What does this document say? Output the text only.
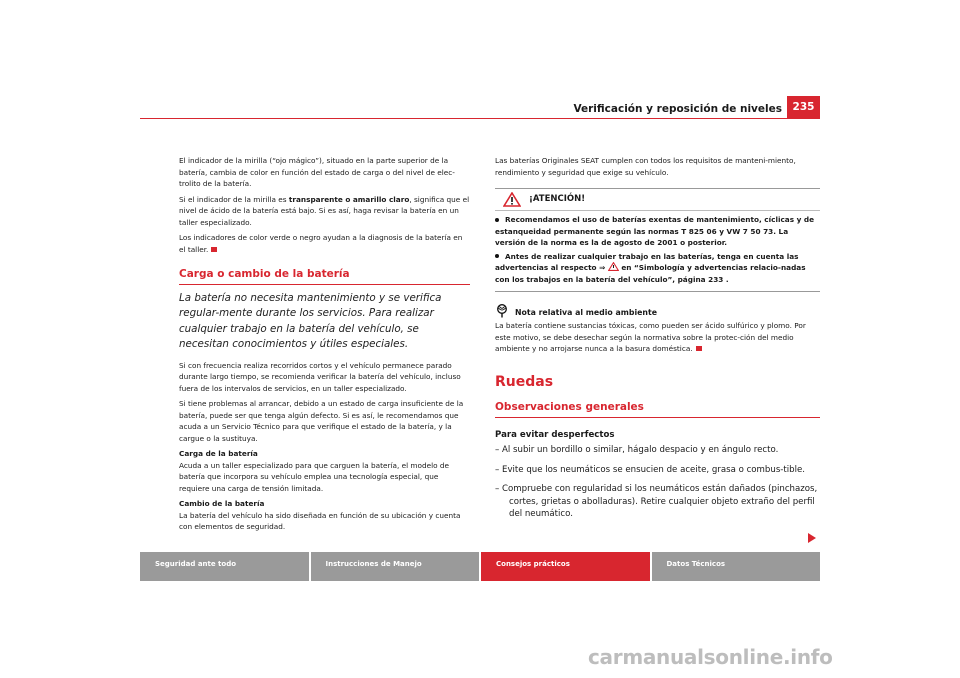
Verificación y reposición de niveles	235

El indicador de la mirilla (“ojo mágico”), situado en la parte superior de la batería, cambia de color en función del estado de carga o del nivel de elec-trolito de la batería.

Si el indicador de la mirilla es transparente o amarillo claro, significa que el nivel de ácido de la batería está bajo. Si es así, haga revisar la batería en un taller especializado.

Los indicadores de color verde o negro ayudan a la diagnosis de la batería en el taller.

Carga o cambio de la batería
La batería no necesita mantenimiento y se verifica regular-mente durante los servicios. Para realizar cualquier trabajo en la batería del vehículo, se necesitan conocimientos y útiles especiales.

Si con frecuencia realiza recorridos cortos y el vehículo permanece parado durante largo tiempo, se recomienda verificar la batería del vehículo, incluso fuera de los intervalos de servicios, en un taller especializado.

Si tiene problemas al arrancar, debido a un estado de carga insuficiente de la batería, puede ser que tenga algún defecto. Si es así, le recomendamos que acuda a un Servicio Técnico para que verifique el estado de la batería, y la cargue o la sustituya.

Carga de la batería

Acuda a un taller especializado para que carguen la batería, el modelo de batería que incorpora su vehículo emplea una tecnología especial, que requiere una carga de tensión limitada.

Cambio de la batería

La batería del vehículo ha sido diseñada en función de su ubicación y cuenta con elementos de seguridad.

Las baterías Originales SEAT cumplen con todos los requisitos de manteni-miento, rendimiento y seguridad que exige su vehículo.

¡ATENCIÓN!
Recomendamos el uso de baterías exentas de mantenimiento, cíclicas y de estanqueidad permanente según las normas T 825 06 y VW 7 50 73. La versión de la norma es la de agosto de 2001 o posterior.
Antes de realizar cualquier trabajo en las baterías, tenga en cuenta las advertencias al respecto ⇒  en “Simbología y advertencias relacio-nadas con los trabajos en la batería del vehículo”, página 233 .
Nota relativa al medio ambiente

La batería contiene sustancias tóxicas, como pueden ser ácido sulfúrico y plomo. Por este motivo, se debe desechar según la normativa sobre la protec-ción del medio ambiente y no arrojarse nunca a la basura doméstica.

Ruedas
Observaciones generales
Para evitar desperfectos
– Al subir un bordillo o similar, hágalo despacio y en ángulo recto.
– Evite que los neumáticos se ensucien de aceite, grasa o combus-tible.
– Compruebe con regularidad si los neumáticos están dañados (pinchazos, cortes, grietas o abolladuras). Retire cualquier objeto extraño del perfil del neumático.
Seguridad ante todo	Instrucciones de Manejo	Consejos prácticos	Datos Técnicos
carmanualsonline.info
